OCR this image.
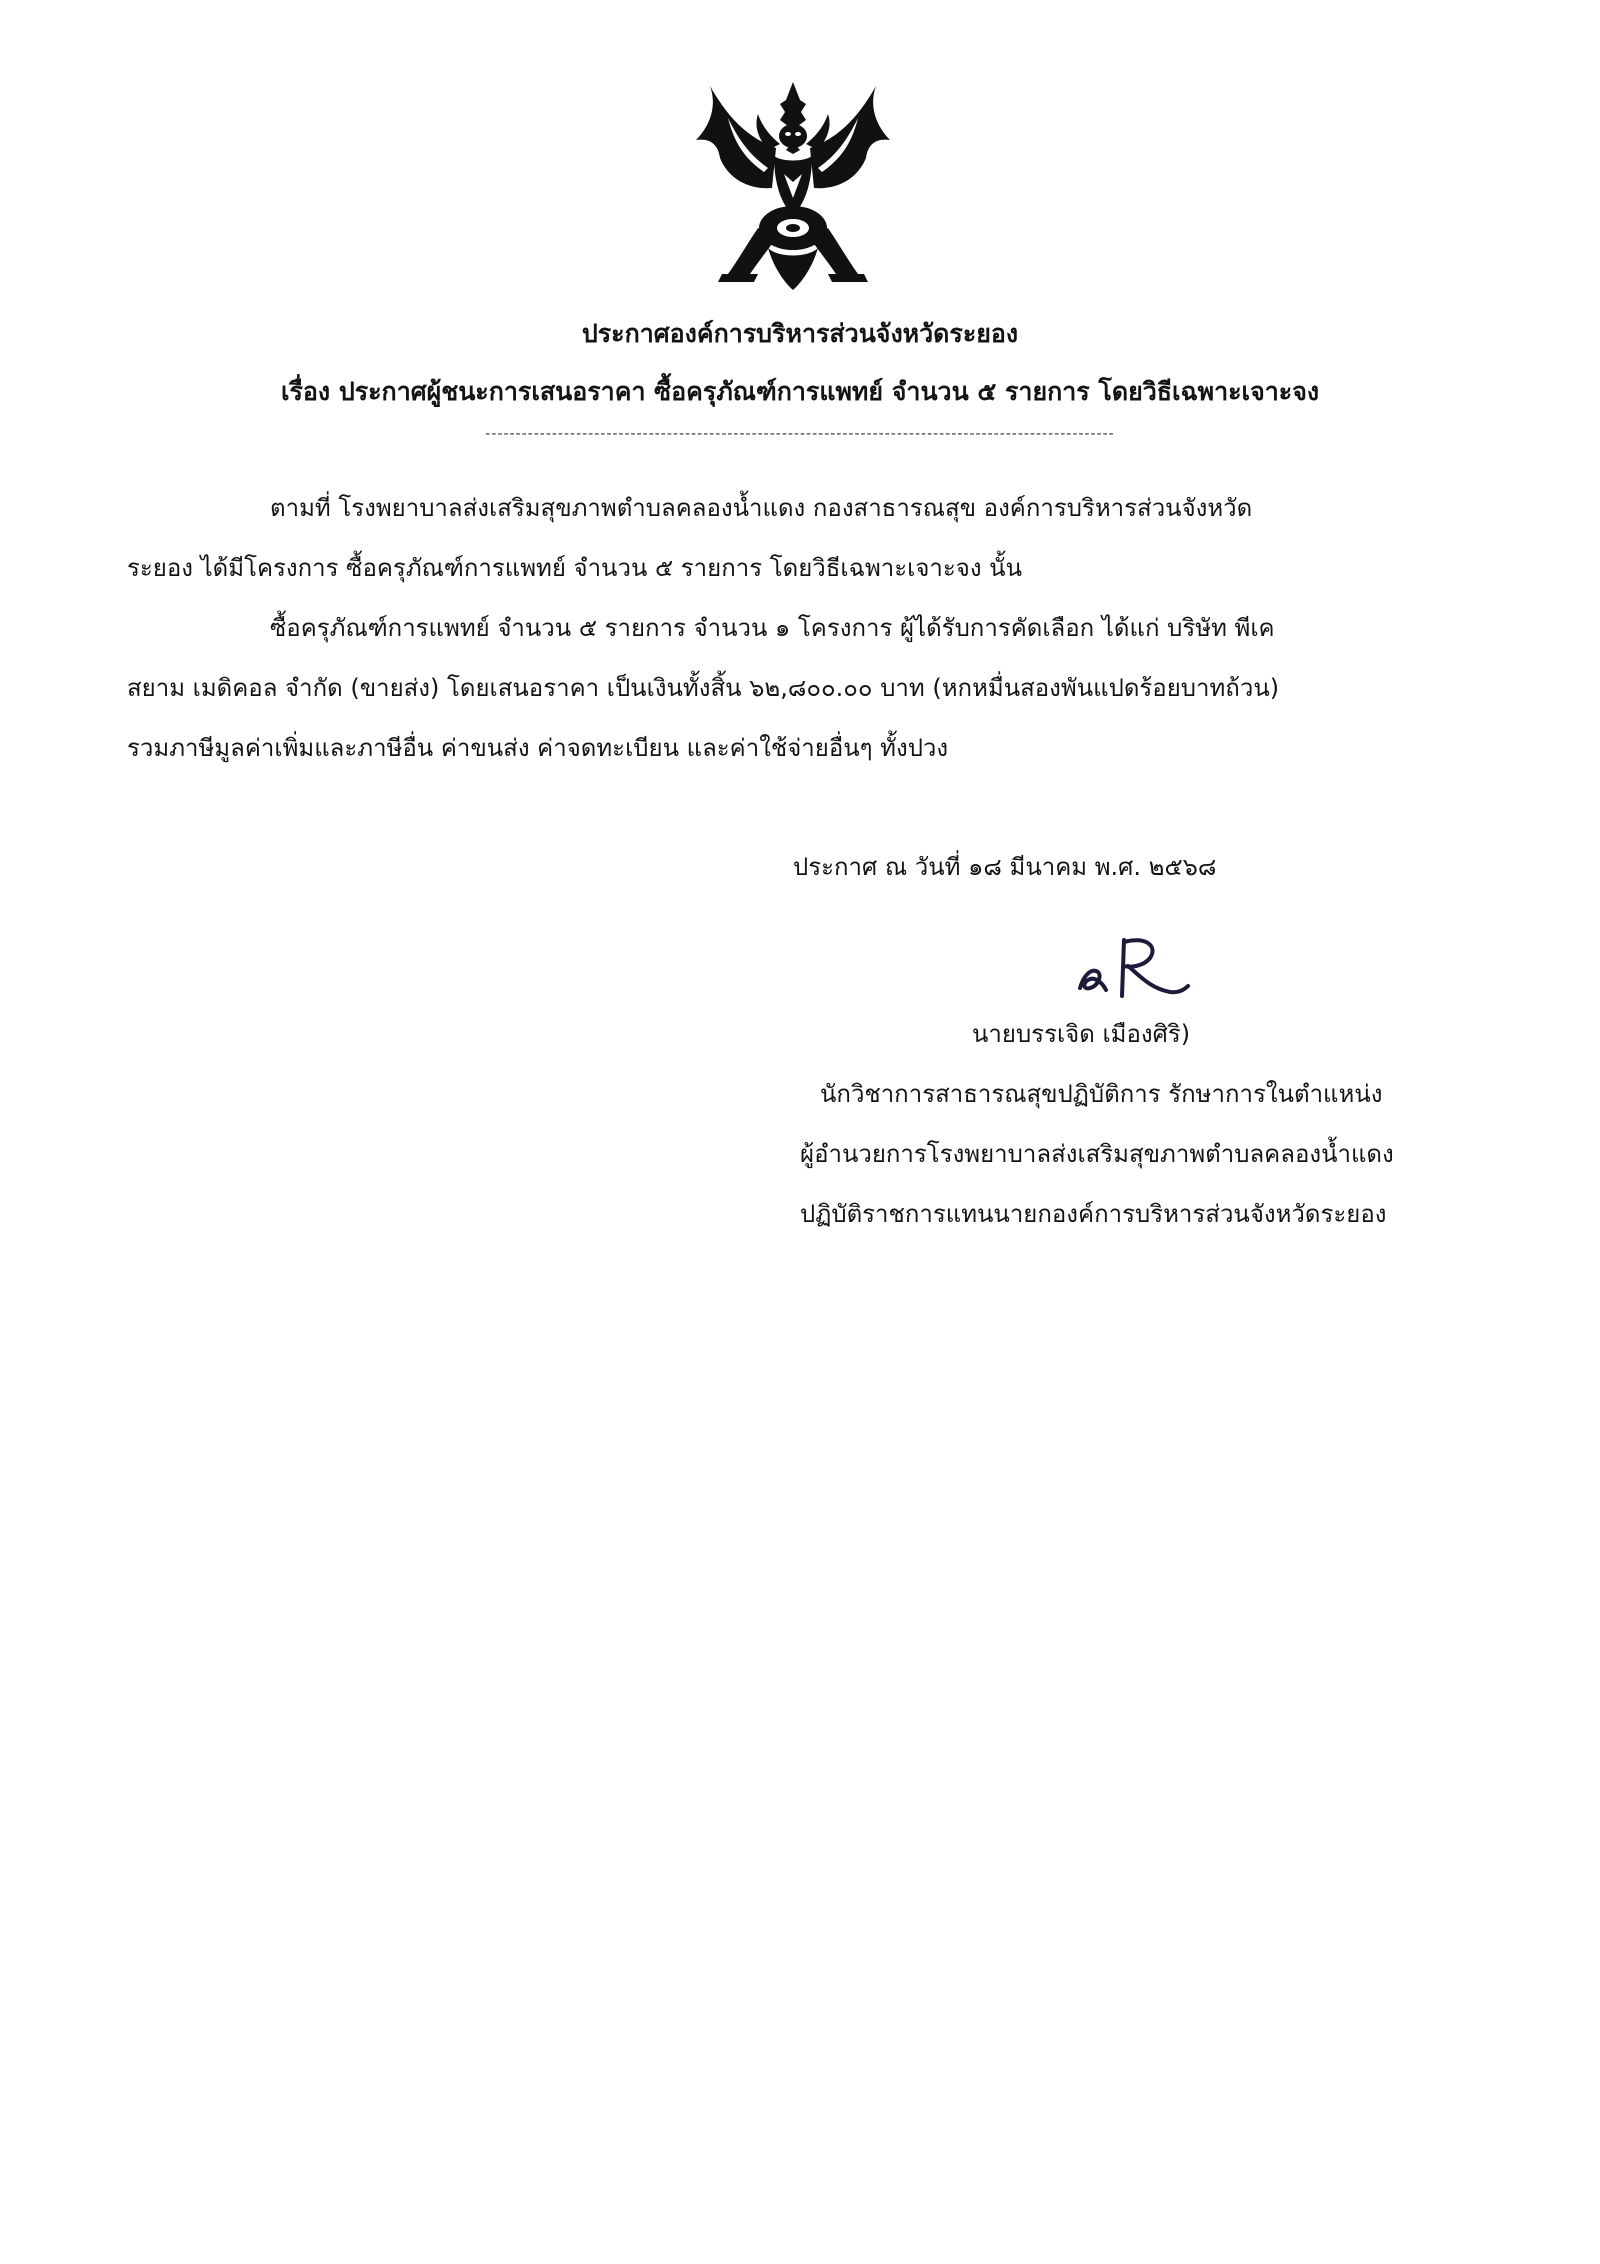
ประกาศองค์การบริหารส่วนจังหวัดระยอง
เรื่อง ประกาศผู้ชนะการเสนอราคา ซื้อครุภัณฑ์การแพทย์ จำนวน ๕ รายการ โดยวิธีเฉพาะเจาะจง
--------------------------------------------------------------------------------------------------------
ตามที่ โรงพยาบาลส่งเสริมสุขภาพตำบลคลองน้ำแดง กองสาธารณสุข องค์การบริหารส่วนจังหวัด
ระยอง ได้มีโครงการ ซื้อครุภัณฑ์การแพทย์ จำนวน ๕ รายการ โดยวิธีเฉพาะเจาะจง นั้น
ซื้อครุภัณฑ์การแพทย์ จำนวน ๕ รายการ จำนวน ๑ โครงการ ผู้ได้รับการคัดเลือก ได้แก่ บริษัท พีเค
สยาม เมดิคอล จำกัด (ขายส่ง) โดยเสนอราคา เป็นเงินทั้งสิ้น ๖๒,๘๐๐.๐๐ บาท (หกหมื่นสองพันแปดร้อยบาทถ้วน)
รวมภาษีมูลค่าเพิ่มและภาษีอื่น ค่าขนส่ง ค่าจดทะเบียน และค่าใช้จ่ายอื่นๆ ทั้งปวง
ประกาศ ณ วันที่ ๑๘ มีนาคม พ.ศ. ๒๕๖๘
นายบรรเจิด เมืองศิริ)
นักวิชาการสาธารณสุขปฏิบัติการ รักษาการในตำแหน่ง
ผู้อำนวยการโรงพยาบาลส่งเสริมสุขภาพตำบลคลองน้ำแดง
ปฏิบัติราชการแทนนายกองค์การบริหารส่วนจังหวัดระยอง
